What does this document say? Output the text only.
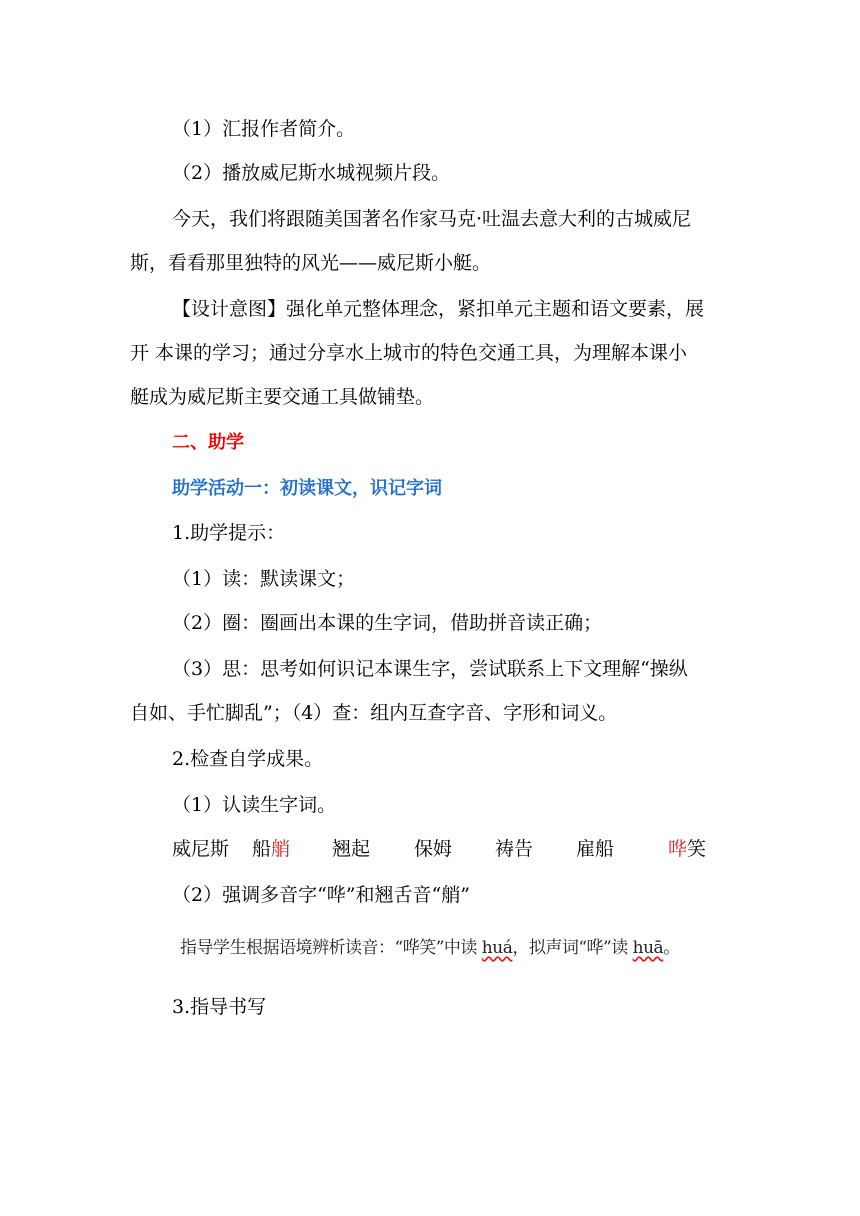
（1）汇报作者简介。
（2）播放威尼斯水城视频片段。
今天，我们将跟随美国著名作家马克·吐温去意大利的古城威尼
斯，看看那里独特的风光——威尼斯小艇。
【设计意图】强化单元整体理念，紧扣单元主题和语文要素，展
开 本课的学习；通过分享水上城市的特色交通工具，为理解本课小
艇成为威尼斯主要交通工具做铺垫。
二、助学
助学活动一：初读课文，识记字词
1.助学提示：
（1）读：默读课文；
（2）圈：圈画出本课的生字词，借助拼音读正确；
（3）思：思考如何识记本课生字，尝试联系上下文理解“操纵
自如、手忙脚乱”；（4）查：组内互查字音、字形和词义。
2.检查自学成果。
（1）认读生字词。
威尼斯 船 艄 翘起 保姆 祷告 雇船	哗 笑
（2）强调多音字“哗”和翘舌音“艄”
指导学生根据语境辨析读音：“哗笑”中读 huá，拟声词“哗”读 huā。
3.指导书写
